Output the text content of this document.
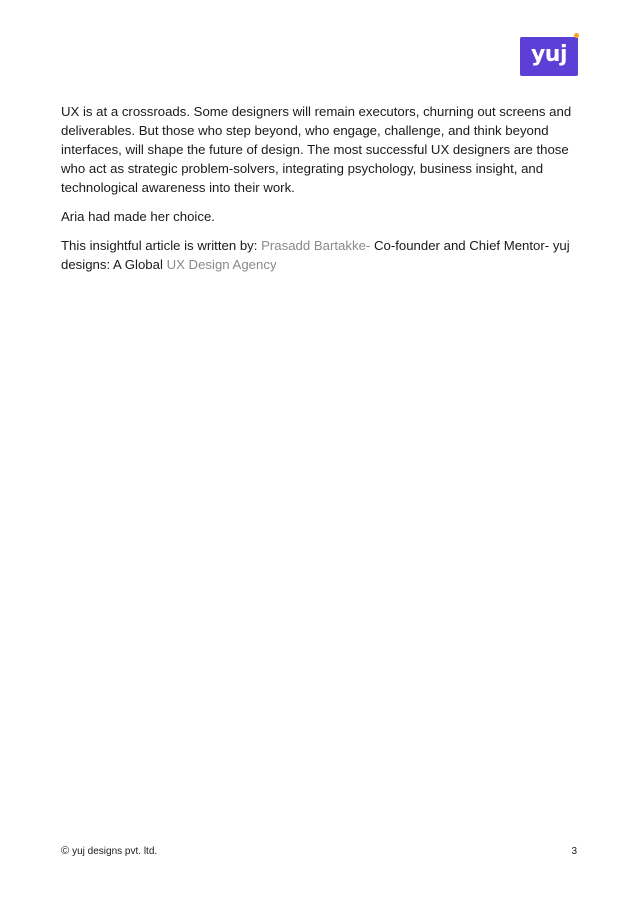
yuj

UX is at a crossroads. Some designers will remain executors, churning out screens and deliverables. But those who step beyond, who engage, challenge, and think beyond interfaces, will shape the future of design. The most successful UX designers are those who act as strategic problem-solvers, integrating psychology, business insight, and technological awareness into their work.

Aria had made her choice.

This insightful article is written by: Prasadd Bartakke- Co-founder and Chief Mentor- yuj designs: A Global UX Design Agency

© yuj designs pvt. ltd.	3
